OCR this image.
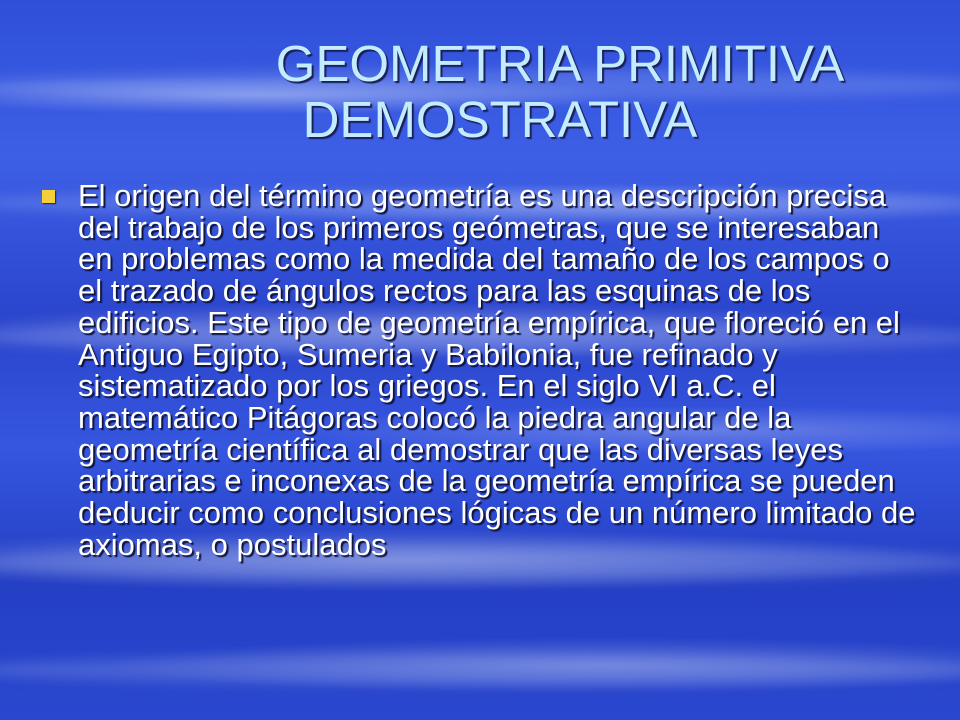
GEOMETRIA PRIMITIVA
DEMOSTRATIVA
El origen del término geometría es una descripción precisa del trabajo de los primeros geómetras, que se interesaban en problemas como la medida del tamaño de los campos o el trazado de ángulos rectos para las esquinas de los edificios. Este tipo de geometría empírica, que floreció en el Antiguo Egipto, Sumeria y Babilonia, fue refinado y sistematizado por los griegos. En el siglo VI a.C. el matemático Pitágoras colocó la piedra angular de la geometría científica al demostrar que las diversas leyes arbitrarias e inconexas de la geometría empírica se pueden deducir como conclusiones lógicas de un número limitado de axiomas, o postulados
